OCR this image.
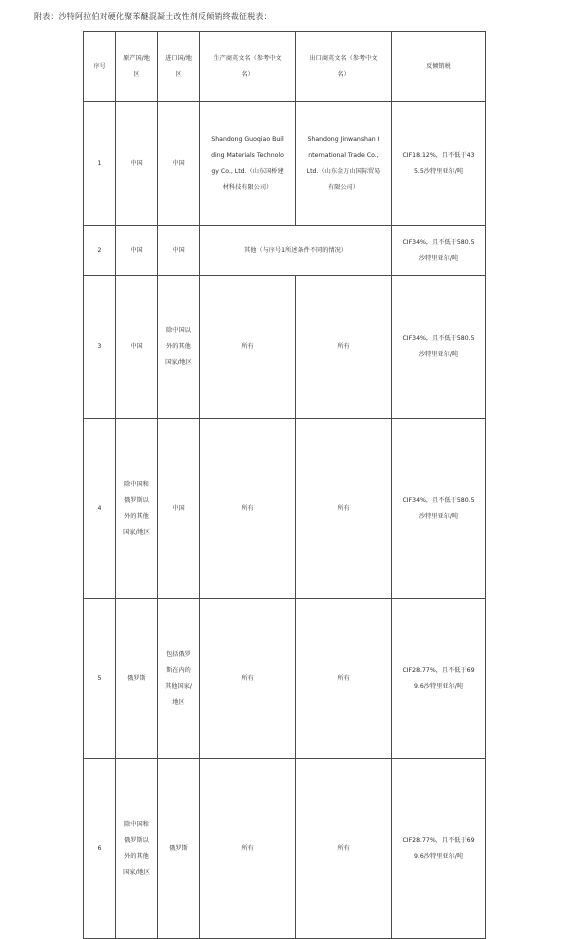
附表：沙特阿拉伯对硬化聚苯醚混凝土改性剂反倾销终裁征税表：
序号	原产国/地区	进口国/地区	生产商英文名（参考中文名）	出口商英文名（参考中文名）	反倾销税
1	中国	中国	Shandong Guoqiao Building Materials Technology Co., Ltd.（山东国桥建材科技有限公司）	Shandong Jinwanshan International Trade Co., Ltd.（山东金万山国际贸易有限公司）	CIF18.12%，且不低于435.5沙特里亚尔/吨
2	中国	中国	其他（与序号1所述条件不同的情况）		CIF34%，且不低于580.5沙特里亚尔/吨
3	中国	除中国以外的其他国家/地区	所有	所有	CIF34%，且不低于580.5沙特里亚尔/吨
4	除中国和俄罗斯以外的其他国家/地区	中国	所有	所有	CIF34%，且不低于580.5沙特里亚尔/吨
5	俄罗斯	包括俄罗斯在内的其他国家/地区	所有	所有	CIF28.77%，且不低于699.6沙特里亚尔/吨
6	除中国和俄罗斯以外的其他国家/地区	俄罗斯	所有	所有	CIF28.77%，且不低于699.6沙特里亚尔/吨
